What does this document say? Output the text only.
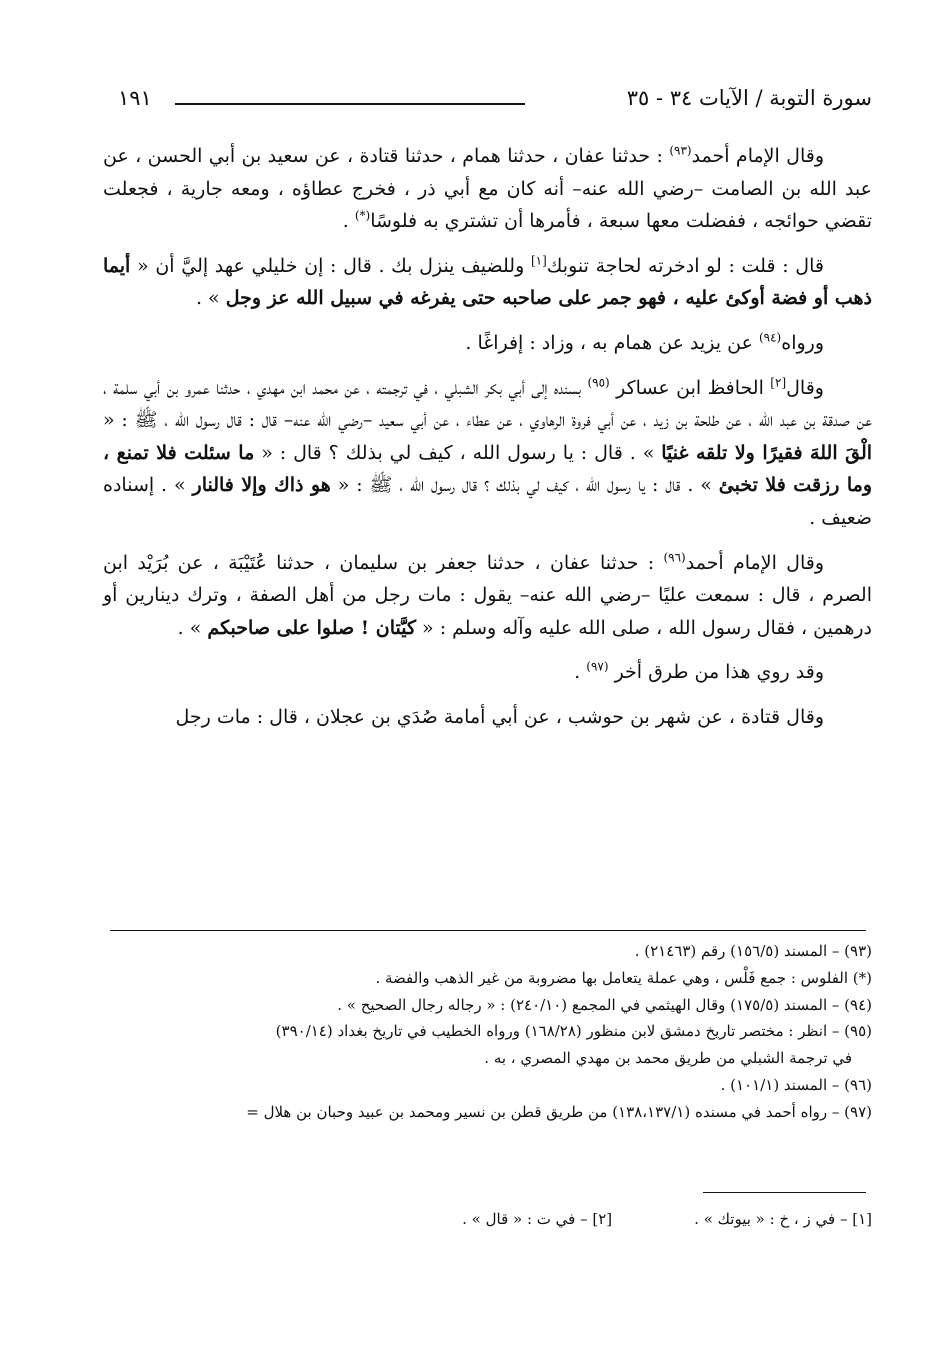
سورة التوبة / الآيات ٣٤ - ٣٥
١٩١

وقال الإمام أحمد$^{(٩٣)}$ : حدثنا عفان ، حدثنا همام ، حدثنا قتادة ، عن سعيد بن أبي الحسن ، عن عبد الله بن الصامت –رضي الله عنه– أنه كان مع أبي ذر ، فخرج عطاؤه ، ومعه جارية ، فجعلت تقضي حوائجه ، ففضلت معها سبعة ، فأمرها أن تشتري به فلوسًا(*) .

قال : قلت : لو ادخرته لحاجة تنوبك[١] وللضيف ينزل بك . قال : إن خليلي عهد إليَّ أن « أيما ذهب أو فضة أوكئ عليه ، فهو جمر على صاحبه حتى يفرغه في سبيل الله عز وجل » .

ورواه$^{(٩٤)}$ عن يزيد عن همام به ، وزاد : إفراغًا .

وقال[٢] الحافظ ابن عساكر $^{(٩٥)}$ بسنده إلى أبي بكر الشبلي ، في ترجمته ، عن محمد ابن مهدي ، حدثنا عمرو بن أبي سلمة ، عن صدقة بن عبد الله ، عن طلحة بن زيد ، عن أبي فروة الرهاوي ، عن عطاء ، عن أبي سعيد –رضي الله عنه– قال : قال رسول الله ، ﷺ : « الْقَ اللهَ فقيرًا ولا تلقه غنيًا » . قال : يا رسول الله ، كيف لي بذلك ؟ قال : « ما سئلت فلا تمنع ، وما رزقت فلا تخبئ » . قال : يا رسول الله ، كيف لي بذلك ؟ قال رسول الله ، ﷺ : « هو ذاك وإلا فالنار » . إسناده ضعيف .

وقال الإمام أحمد$^{(٩٦)}$ : حدثنا عفان ، حدثنا جعفر بن سليمان ، حدثنا عُتَيْبَة ، عن بُرَيْد ابن الصرم ، قال : سمعت عليًا –رضي الله عنه– يقول : مات رجل من أهل الصفة ، وترك دينارين أو درهمين ، فقال رسول الله ، صلى الله عليه وآله وسلم : « كيَّتان ! صلوا على صاحبكم » .

وقد روي هذا من طرق أخر $^{(٩٧)}$ .

وقال قتادة ، عن شهر بن حوشب ، عن أبي أمامة صُدَي بن عجلان ، قال : مات رجل

(٩٣) – المسند (١٥٦/٥) رقم (٢١٤٦٣) .
(*) الفلوس : جمع فَلْس ، وهي عملة يتعامل بها مضروبة من غير الذهب والفضة .
(٩٤) – المسند (١٧٥/٥) وقال الهيثمي في المجمع (٢٤٠/١٠) : « رجاله رجال الصحيح » .
(٩٥) – انظر : مختصر تاريخ دمشق لابن منظور (١٦٨/٢٨) ورواه الخطيب في تاريخ بغداد (٣٩٠/١٤)
في ترجمة الشبلي من طريق محمد بن مهدي المصري ، به .
(٩٦) – المسند (١٠١/١) .
(٩٧) – رواه أحمد في مسنده (١٣٨،١٣٧/١) من طريق قطن بن نسير ومحمد بن عبيد وحبان بن هلال =
[١] – في ز ، خ : « بيوتك » .[٢] – في ت : « قال » .
